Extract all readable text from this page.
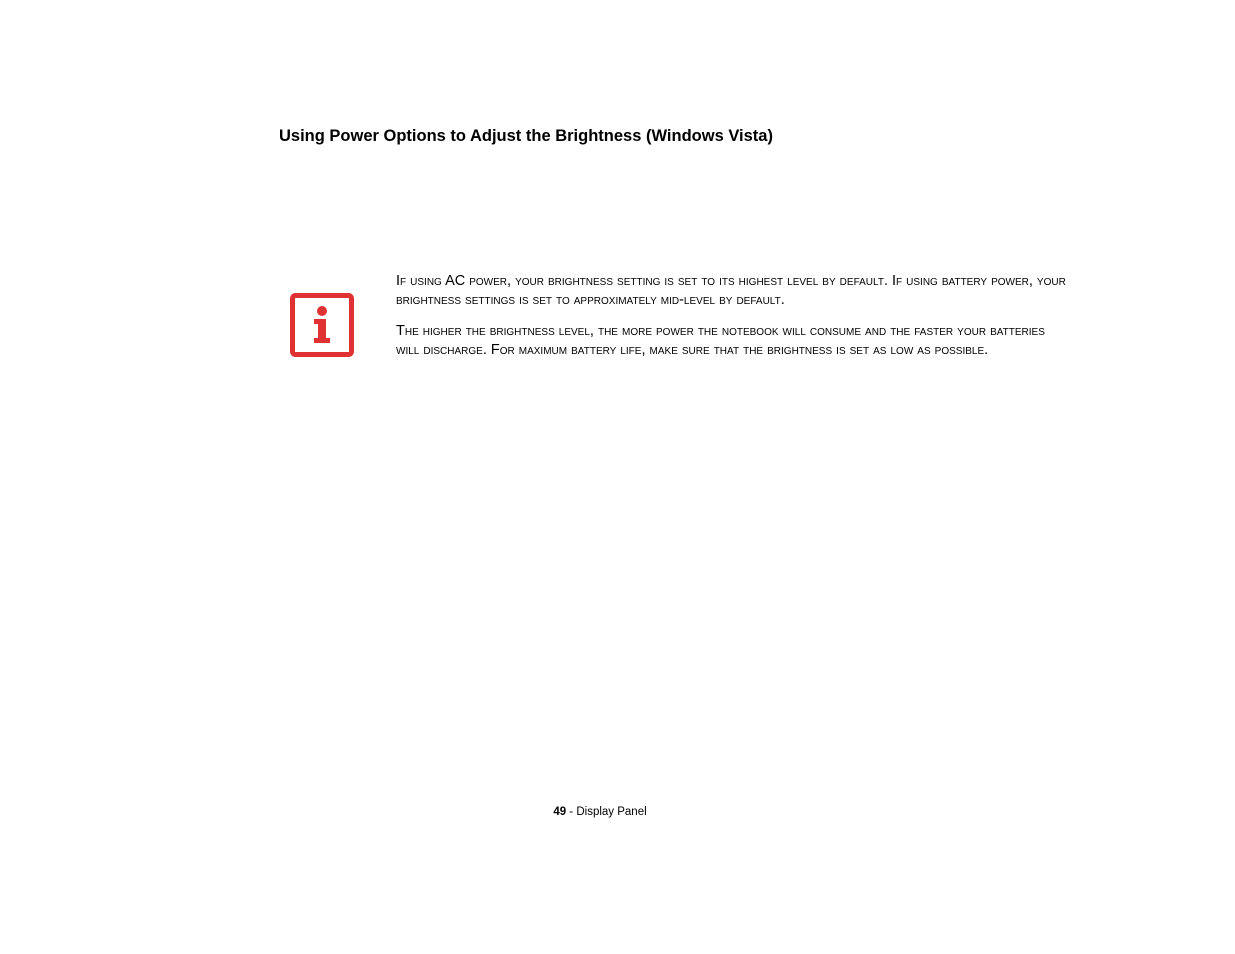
Using Power Options to Adjust the Brightness (Windows Vista)

If using AC power, your brightness setting is set to its highest level by default. If using battery power, your brightness settings is set to approximately mid-level by default.

The higher the brightness level, the more power the notebook will consume and the faster your batteries will discharge. For maximum battery life, make sure that the brightness is set as low as possible.

49 - Display Panel
